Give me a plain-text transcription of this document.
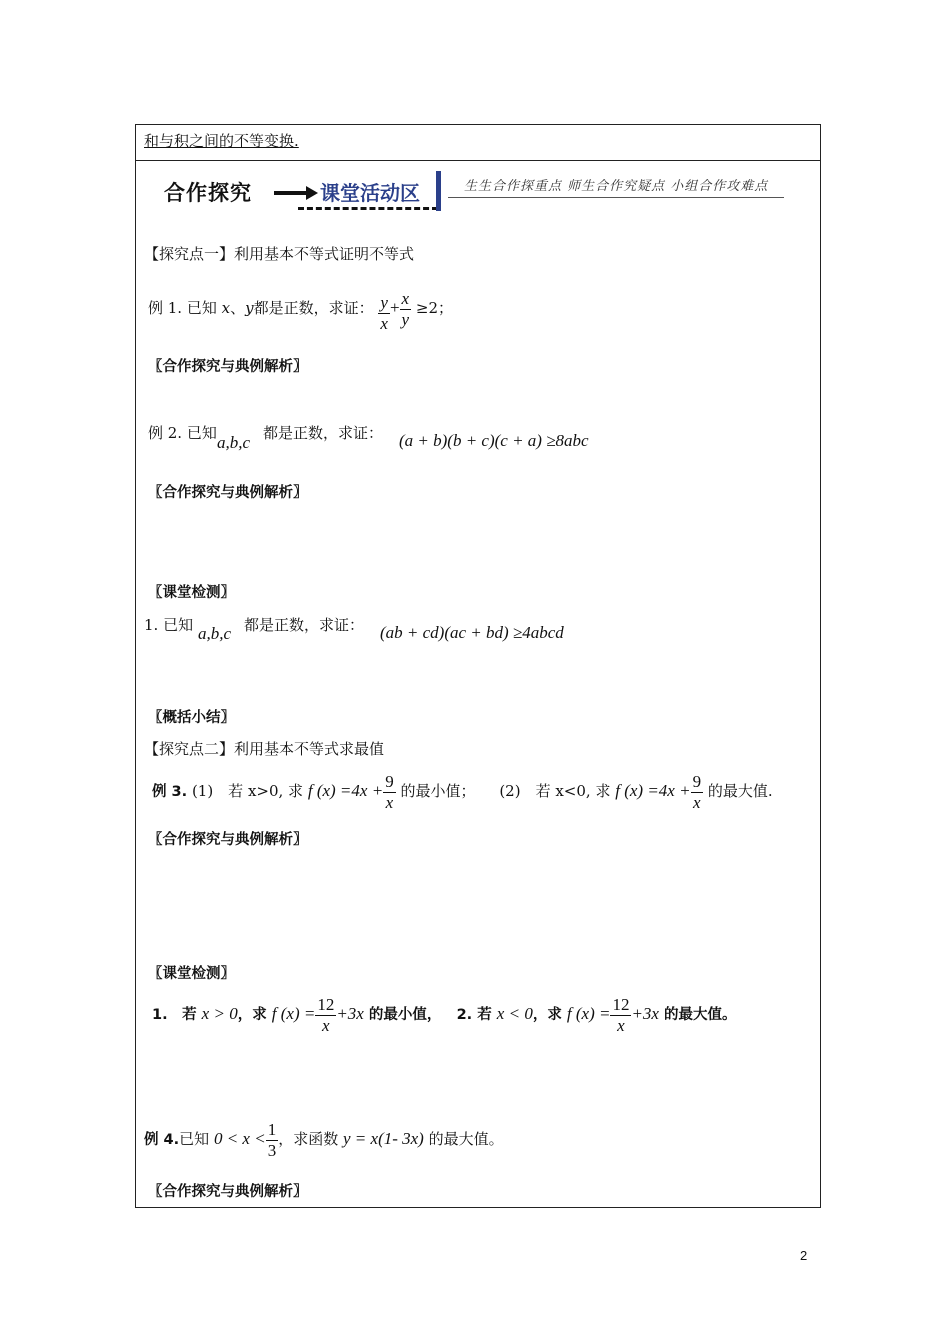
和与积之间的不等变换.
合作探究	课堂活动区	生生合作探重点 师生合作究疑点 小组合作攻难点
【探究点一】利用基本不等式证明不等式
例 1. 已知 x、y都是正数，求证： $\frac{y}{x} + \frac{x}{y} \ge 2$；
〖合作探究与典例解析〗
例 2. 已知 a,b,c 都是正数，求证： (a + b)(b + c)(c + a) ≥8abc
〖合作探究与典例解析〗
〖课堂检测〗
1. 已知 a,b,c 都是正数，求证： (ab + cd)(ac + bd) ≥4abcd
〖概括小结〗
【探究点二】利用基本不等式求最值
例 3. (1)　若 x>0, 求 f $(x) =4x + \frac{9}{x}$ 的最小值； (2)　若 x<0, 求 f $(x) =4x + \frac{9}{x}$ 的最大值.
〖合作探究与典例解析〗
〖课堂检测〗
1.　若 x > 0，求 f $(x) = \frac{12}{x} +3x$ 的最小值， 2. 若 x < 0，求 f $(x) = \frac{12}{x} +3x$ 的最大值。
例 4.已知 $0 < x < \frac{1}{3}$ ，求函数 y = x(1- 3x) 的最大值。
〖合作探究与典例解析〗
2
